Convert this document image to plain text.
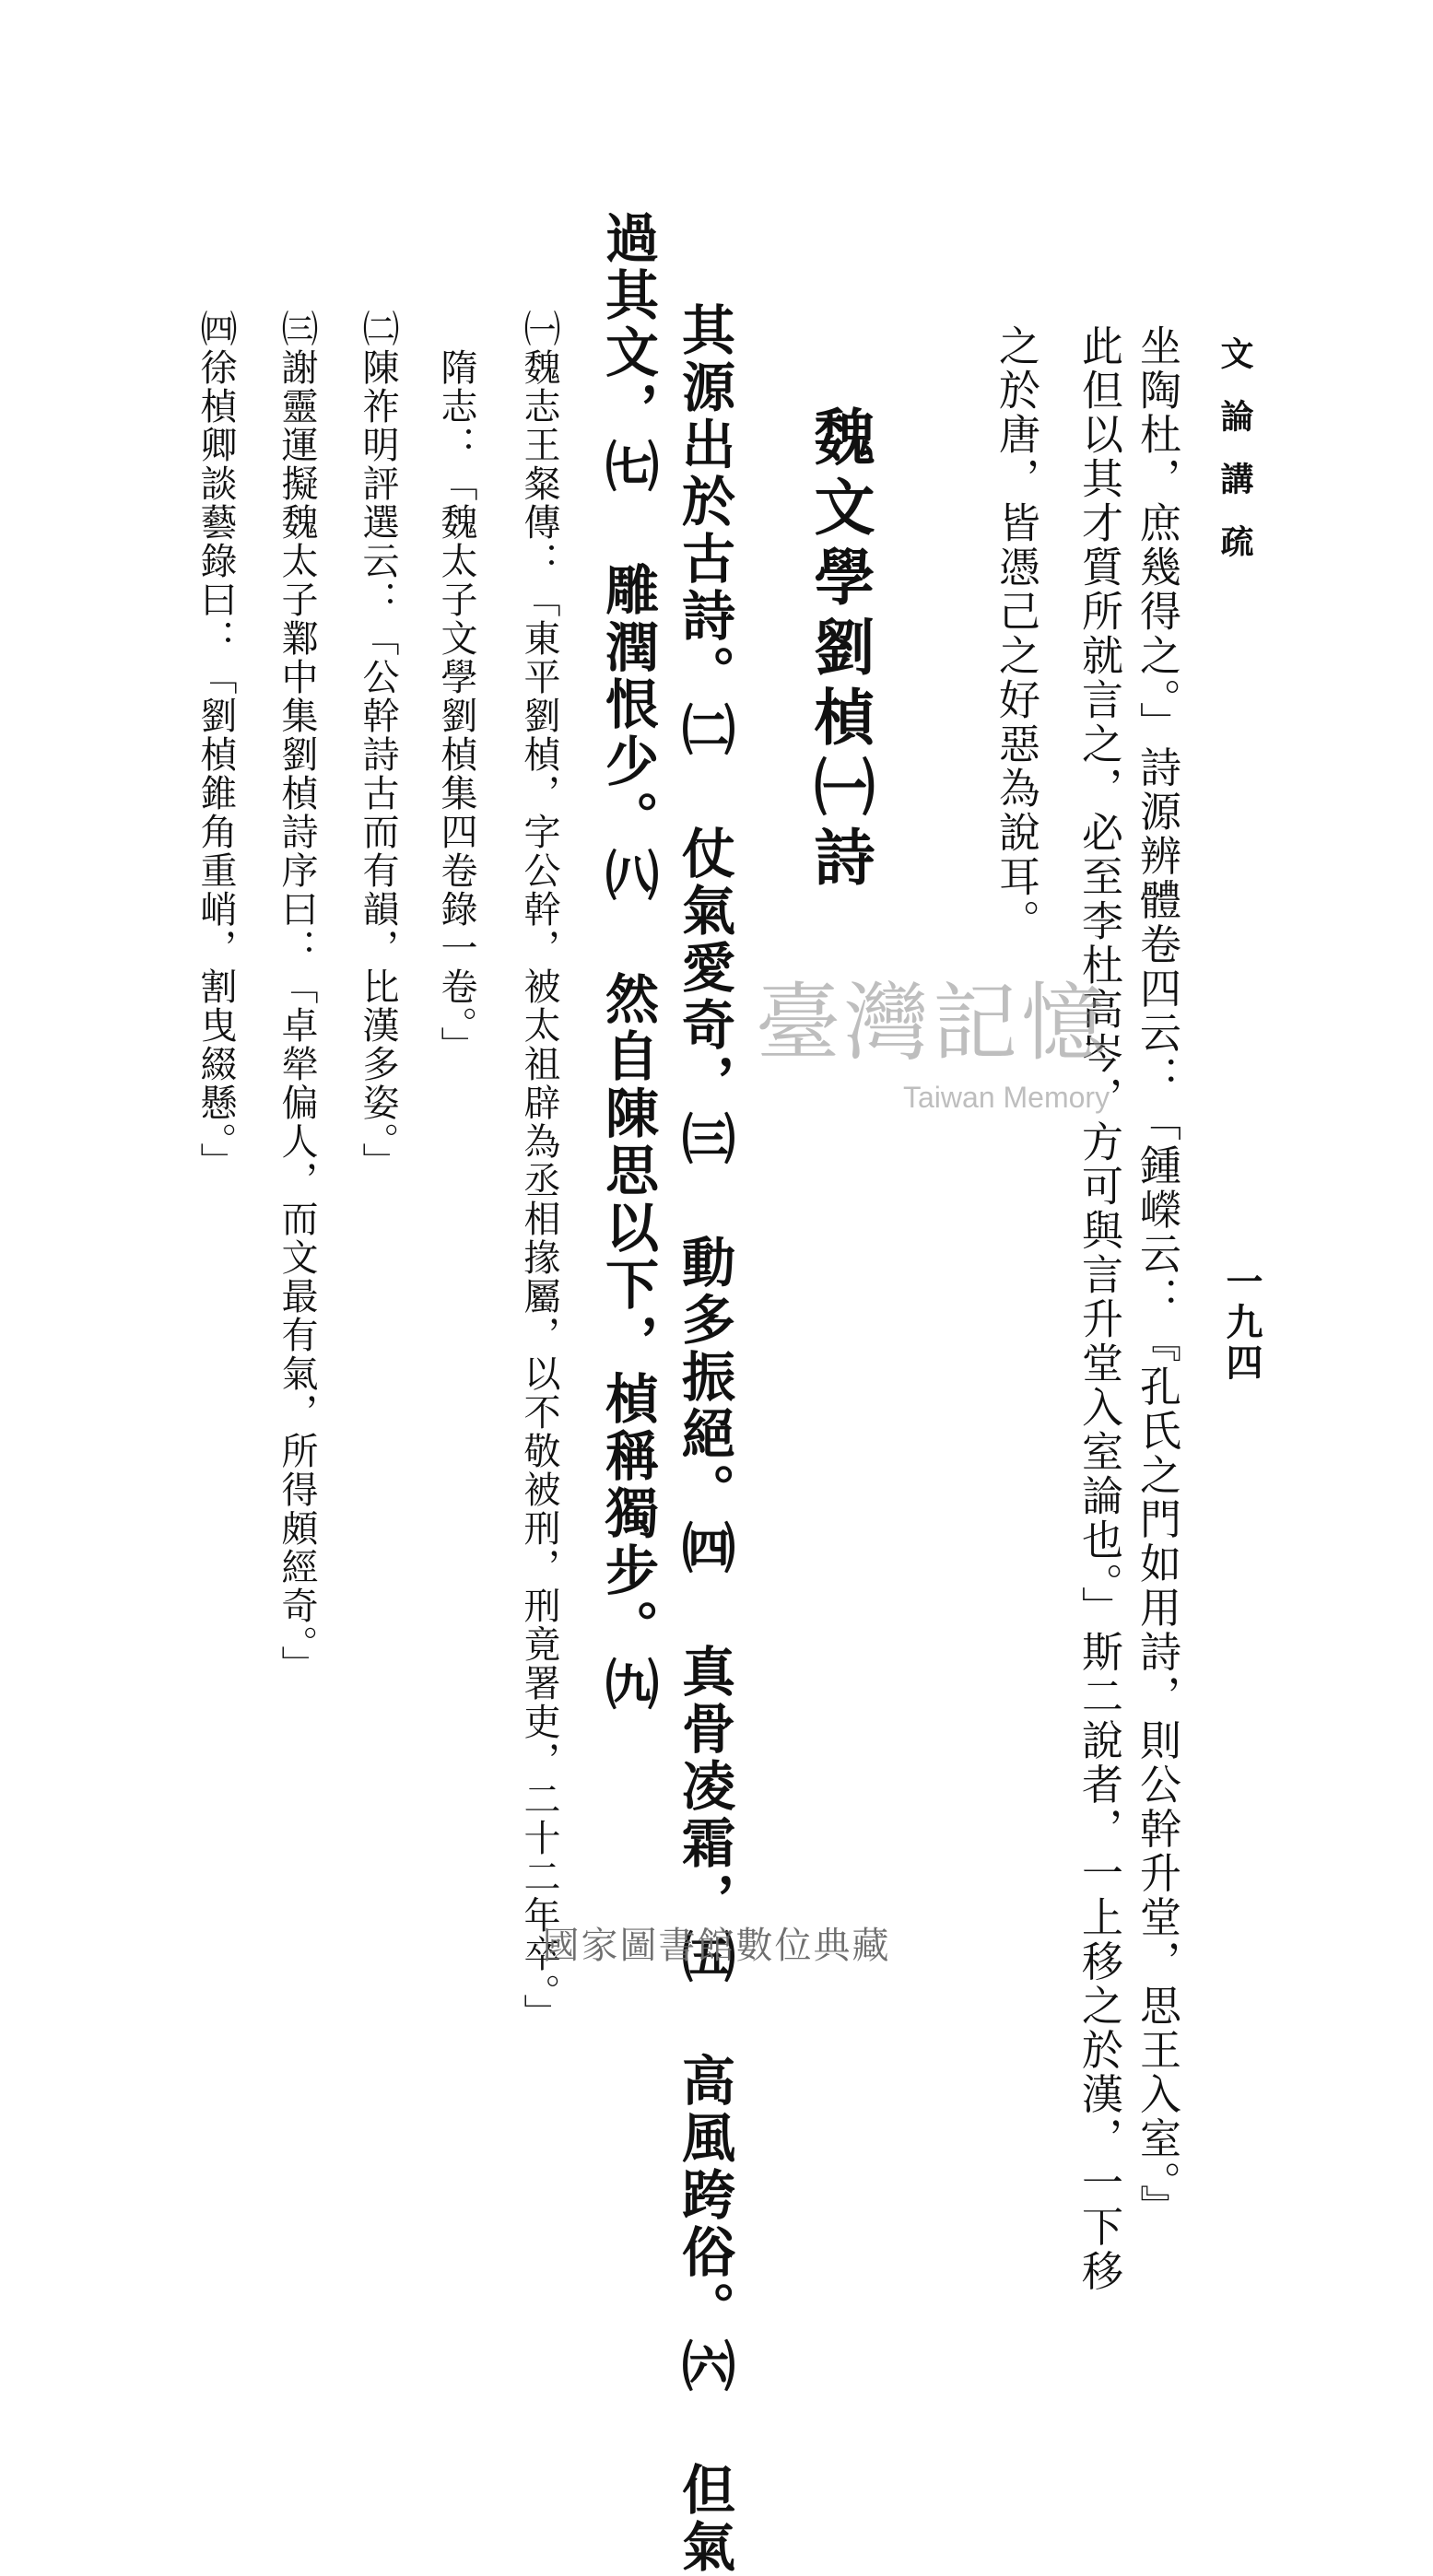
文論講疏
一九四
坐陶杜，庶幾得之。」詩源辨體卷四云：「鍾嶸云：『孔氏之門如用詩，則公幹升堂，思王入室。』
此但以其才質所就言之，必至李杜高岑，方可與言升堂入室論也。」斯二說者，一上移之於漢，一下移
之於唐，皆憑己之好惡為說耳。
魏文學劉楨㈠詩
其源出於古詩。㈡ 仗氣愛奇，㈢ 動多振絕。㈣ 真骨凌霜，㈤ 高風跨俗。㈥ 但氣
過其文，㈦ 雕潤恨少。㈧ 然自陳思以下，楨稱獨步。㈨
㈠魏志王粲傳：「東平劉楨，字公幹，被太祖辟為丞相掾屬，以不敬被刑，刑竟署吏，二十二年卒。」
隋志：「魏太子文學劉楨集四卷錄一卷。」
㈡陳祚明評選云：「公幹詩古而有韻，比漢多姿。」
㈢謝靈運擬魏太子鄴中集劉楨詩序曰：「卓犖偏人，而文最有氣，所得頗經奇。」
㈣徐楨卿談藝錄曰：「劉楨錐角重峭，割曳綴懸。」	臺灣記憶
Taiwan Memory
國家圖書館數位典藏
